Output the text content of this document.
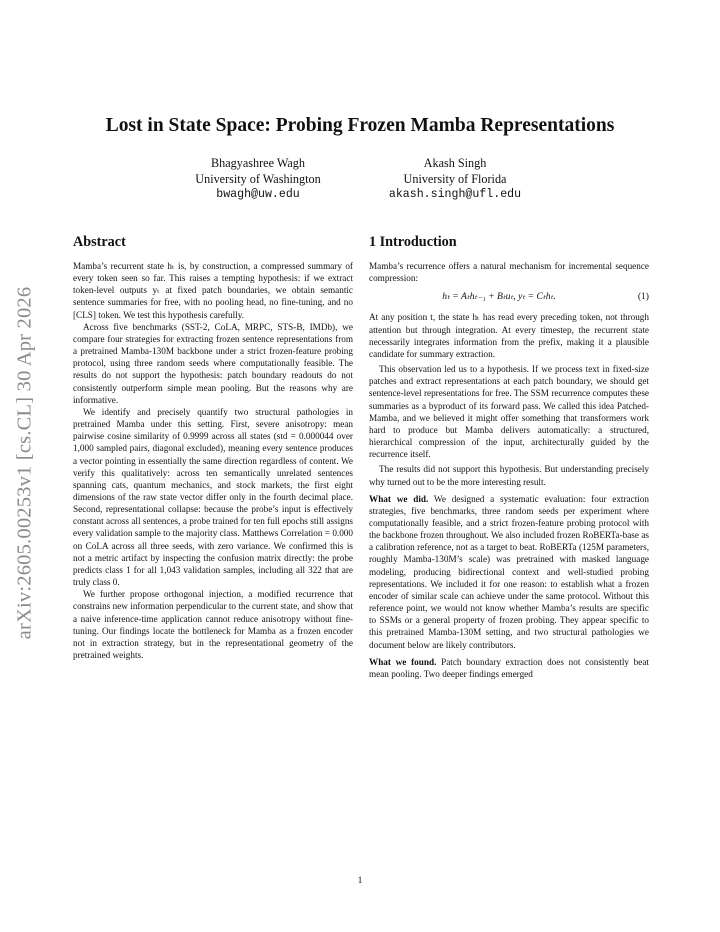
arXiv:2605.00253v1 [cs.CL] 30 Apr 2026
Lost in State Space: Probing Frozen Mamba Representations
Bhagyashree Wagh
University of Washington
bwagh@uw.edu
Akash Singh
University of Florida
akash.singh@ufl.edu
Abstract

Mamba’s recurrent state hₜ is, by construction, a compressed summary of every token seen so far. This raises a tempting hypothesis: if we extract token-level outputs yₜ at fixed patch boundaries, we obtain semantic sentence summaries for free, with no pooling head, no fine-tuning, and no [CLS] token. We test this hypothesis carefully.

Across five benchmarks (SST-2, CoLA, MRPC, STS-B, IMDb), we compare four strategies for extracting frozen sentence representations from a pretrained Mamba-130M backbone under a strict frozen-feature probing protocol, using three random seeds where computationally feasible. The results do not support the hypothesis: patch boundary readouts do not consistently outperform simple mean pooling. But the reasons why are informative.

We identify and precisely quantify two structural pathologies in pretrained Mamba under this setting. First, severe anisotropy: mean pairwise cosine similarity of 0.9999 across all states (std = 0.000044 over 1,000 sampled pairs, diagonal excluded), meaning every sentence produces a vector pointing in essentially the same direction regardless of content. We verify this qualitatively: across ten semantically unrelated sentences spanning cats, quantum mechanics, and stock markets, the first eight dimensions of the raw state vector differ only in the fourth decimal place. Second, representational collapse: because the probe’s input is effectively constant across all sentences, a probe trained for ten full epochs still assigns every validation sample to the majority class. Matthews Correlation = 0.000 on CoLA across all three seeds, with zero variance. We confirmed this is not a metric artifact by inspecting the confusion matrix directly: the probe predicts class 1 for all 1,043 validation samples, including all 322 that are truly class 0.

We further propose orthogonal injection, a modified recurrence that constrains new information perpendicular to the current state, and show that a naive inference-time application cannot reduce anisotropy without fine-tuning. Our findings locate the bottleneck for Mamba as a frozen encoder not in extraction strategy, but in the representational geometry of the pretrained weights.

1 Introduction

Mamba’s recurrence offers a natural mechanism for incremental sequence compression:

hₜ = Aₜhₜ₋₁ + Bₜuₜ, yₜ = Cₜhₜ.	(1)

At any position t, the state hₜ has read every preceding token, not through attention but through integration. At every timestep, the recurrent state necessarily integrates information from the prefix, making it a plausible candidate for summary extraction.

This observation led us to a hypothesis. If we process text in fixed-size patches and extract representations at each patch boundary, we should get sentence-level representations for free. The SSM recurrence computes these summaries as a byproduct of its forward pass. We called this idea Patched-Mamba, and we believed it might offer something that transformers work hard to produce but Mamba delivers automatically: a structured, hierarchical compression of the input, architecturally guided by the recurrence itself.

The results did not support this hypothesis. But understanding precisely why turned out to be the more interesting result.

What we did. We designed a systematic evaluation: four extraction strategies, five benchmarks, three random seeds per experiment where computationally feasible, and a strict frozen-feature probing protocol with the backbone frozen throughout. We also included frozen RoBERTa-base as a calibration reference, not as a target to beat. RoBERTa (125M parameters, roughly Mamba-130M’s scale) was pretrained with masked language modeling, producing bidirectional context and well-studied probing representations. We included it for one reason: to establish what a frozen encoder of similar scale can achieve under the same protocol. Without this reference point, we would not know whether Mamba’s results are specific to SSMs or a general property of frozen probing. They appear specific to this pretrained Mamba-130M setting, and two structural pathologies we document below are likely contributors.

What we found. Patch boundary extraction does not consistently beat mean pooling. Two deeper findings emerged

1
